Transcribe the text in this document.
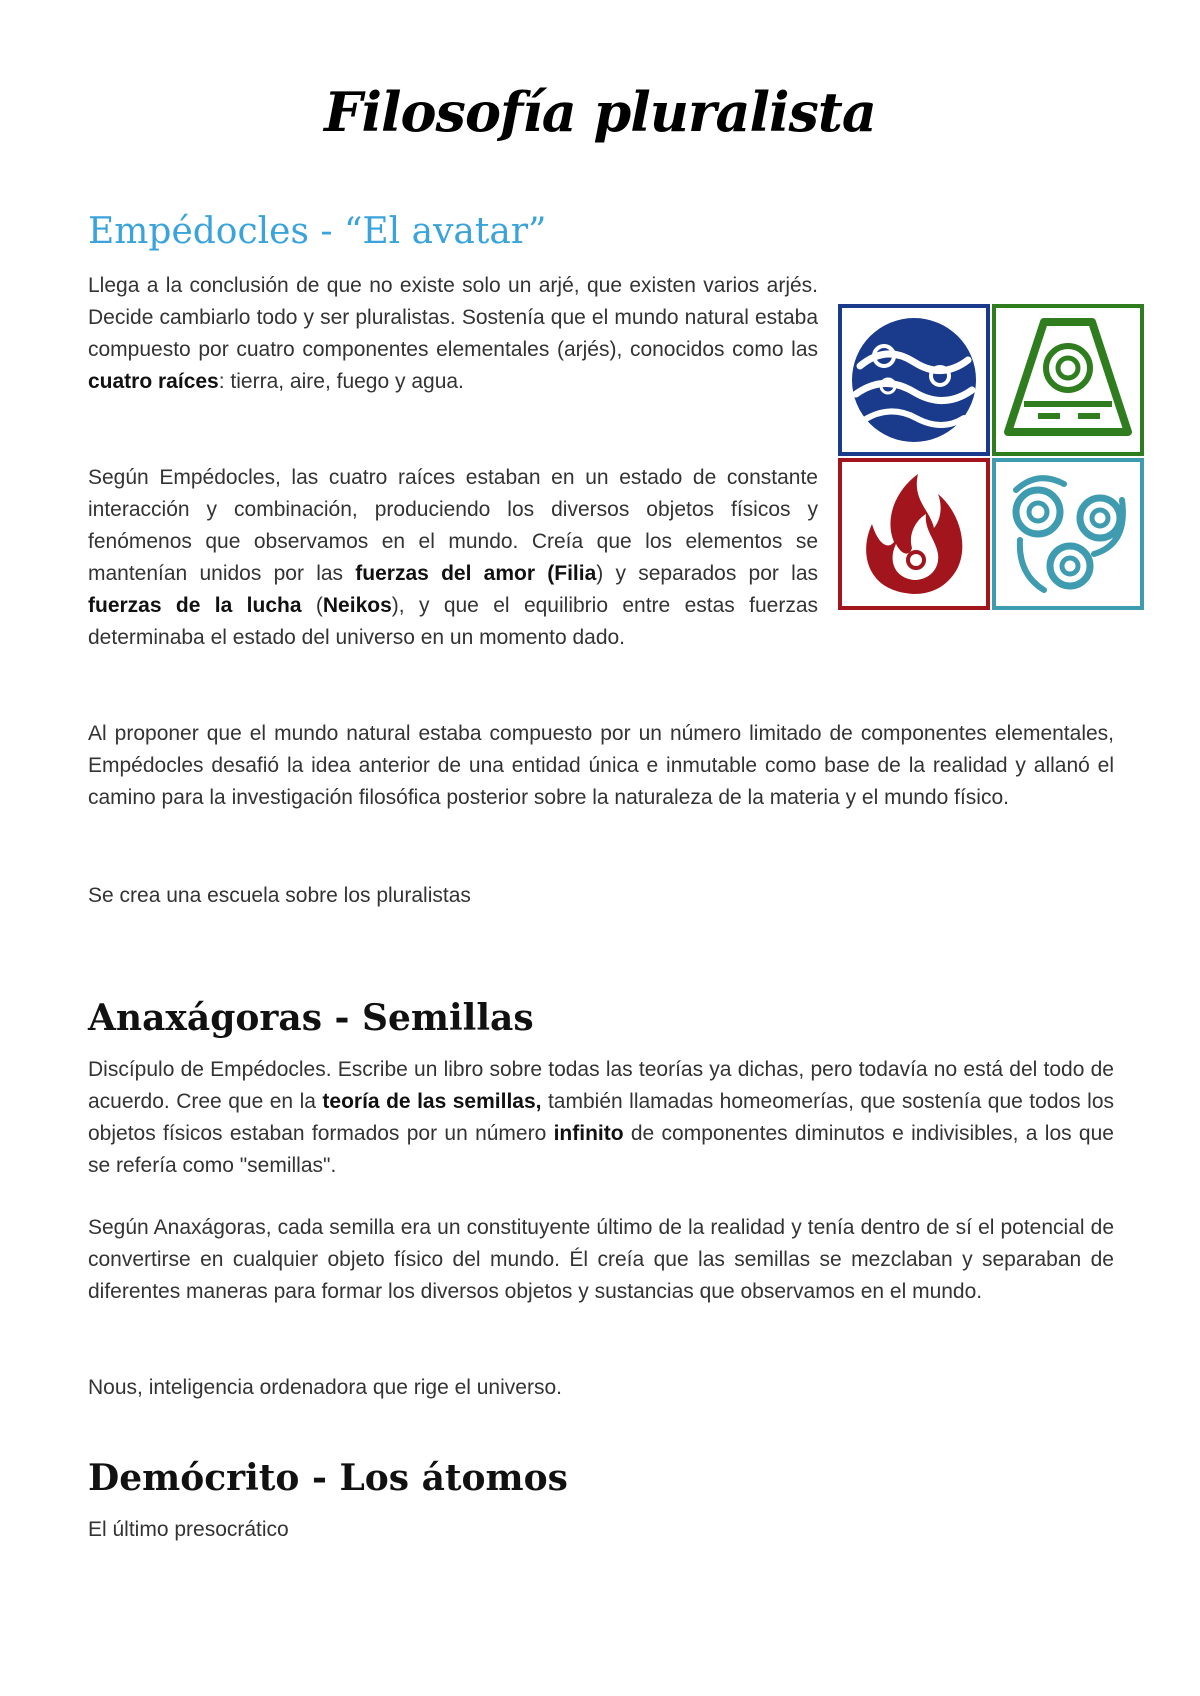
Filosofía pluralista
Empédocles - “El avatar”

Llega a la conclusión de que no existe solo un arjé, que existen varios arjés. Decide cambiarlo todo y ser pluralistas. Sostenía que el mundo natural estaba compuesto por cuatro componentes elementales (arjés), conocidos como las cuatro raíces: tierra, aire, fuego y agua.

Según Empédocles, las cuatro raíces estaban en un estado de constante interacción y combinación, produciendo los diversos objetos físicos y fenómenos que observamos en el mundo. Creía que los elementos se mantenían unidos por las fuerzas del amor (Filia) y separados por las fuerzas de la lucha (Neikos), y que el equilibrio entre estas fuerzas determinaba el estado del universo en un momento dado.

Al proponer que el mundo natural estaba compuesto por un número limitado de componentes elementales, Empédocles desafió la idea anterior de una entidad única e inmutable como base de la realidad y allanó el camino para la investigación filosófica posterior sobre la naturaleza de la materia y el mundo físico.

Se crea una escuela sobre los pluralistas

Anaxágoras - Semillas

Discípulo de Empédocles. Escribe un libro sobre todas las teorías ya dichas, pero todavía no está del todo de acuerdo. Cree que en la teoría de las semillas, también llamadas homeomerías, que sostenía que todos los objetos físicos estaban formados por un número infinito de componentes diminutos e indivisibles, a los que se refería como "semillas".

Según Anaxágoras, cada semilla era un constituyente último de la realidad y tenía dentro de sí el potencial de convertirse en cualquier objeto físico del mundo. Él creía que las semillas se mezclaban y separaban de diferentes maneras para formar los diversos objetos y sustancias que observamos en el mundo.

Nous, inteligencia ordenadora que rige el universo.

Demócrito - Los átomos

El último presocrático
